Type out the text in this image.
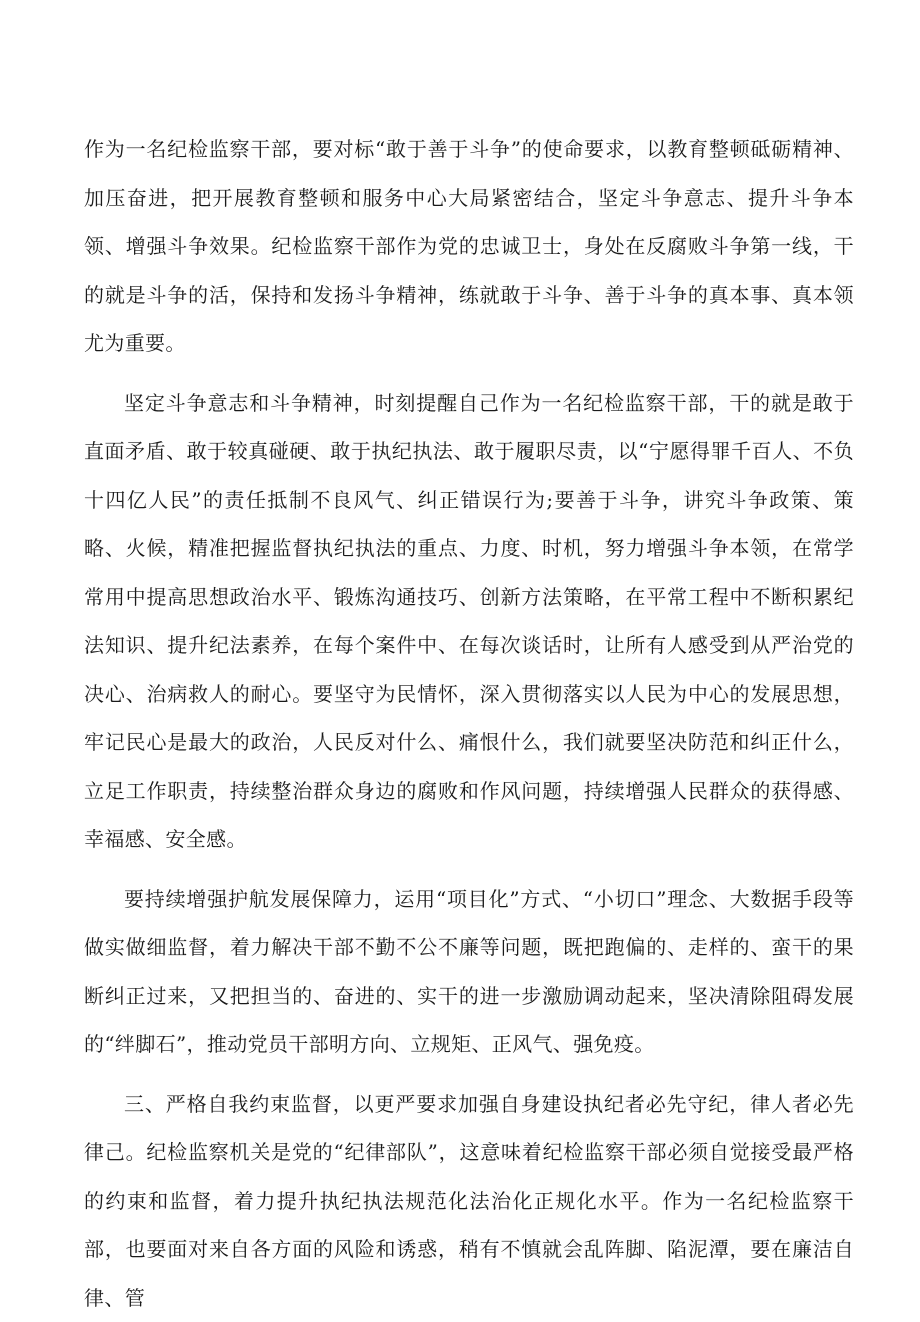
作为一名纪检监察干部，要对标“敢于善于斗争”的使命要求，以教育整顿砥砺精神、加压奋进，把开展教育整顿和服务中心大局紧密结合，坚定斗争意志、提升斗争本领、增强斗争效果。纪检监察干部作为党的忠诚卫士，身处在反腐败斗争第一线，干的就是斗争的活，保持和发扬斗争精神，练就敢于斗争、善于斗争的真本事、真本领尤为重要。

坚定斗争意志和斗争精神，时刻提醒自己作为一名纪检监察干部，干的就是敢于直面矛盾、敢于较真碰硬、敢于执纪执法、敢于履职尽责，以“宁愿得罪千百人、不负十四亿人民”的责任抵制不良风气、纠正错误行为;要善于斗争，讲究斗争政策、策略、火候，精准把握监督执纪执法的重点、力度、时机，努力增强斗争本领，在常学常用中提高思想政治水平、锻炼沟通技巧、创新方法策略，在平常工程中不断积累纪法知识、提升纪法素养，在每个案件中、在每次谈话时，让所有人感受到从严治党的决心、治病救人的耐心。要坚守为民情怀，深入贯彻落实以人民为中心的发展思想，牢记民心是最大的政治，人民反对什么、痛恨什么，我们就要坚决防范和纠正什么，立足工作职责，持续整治群众身边的腐败和作风问题，持续增强人民群众的获得感、幸福感、安全感。

要持续增强护航发展保障力，运用“项目化”方式、“小切口”理念、大数据手段等做实做细监督，着力解决干部不勤不公不廉等问题，既把跑偏的、走样的、蛮干的果断纠正过来，又把担当的、奋进的、实干的进一步激励调动起来，坚决清除阻碍发展的“绊脚石”，推动党员干部明方向、立规矩、正风气、强免疫。

三、严格自我约束监督，以更严要求加强自身建设执纪者必先守纪，律人者必先律己。纪检监察机关是党的“纪律部队”，这意味着纪检监察干部必须自觉接受最严格的约束和监督，着力提升执纪执法规范化法治化正规化水平。作为一名纪检监察干部，也要面对来自各方面的风险和诱惑，稍有不慎就会乱阵脚、陷泥潭，要在廉洁自律、管
